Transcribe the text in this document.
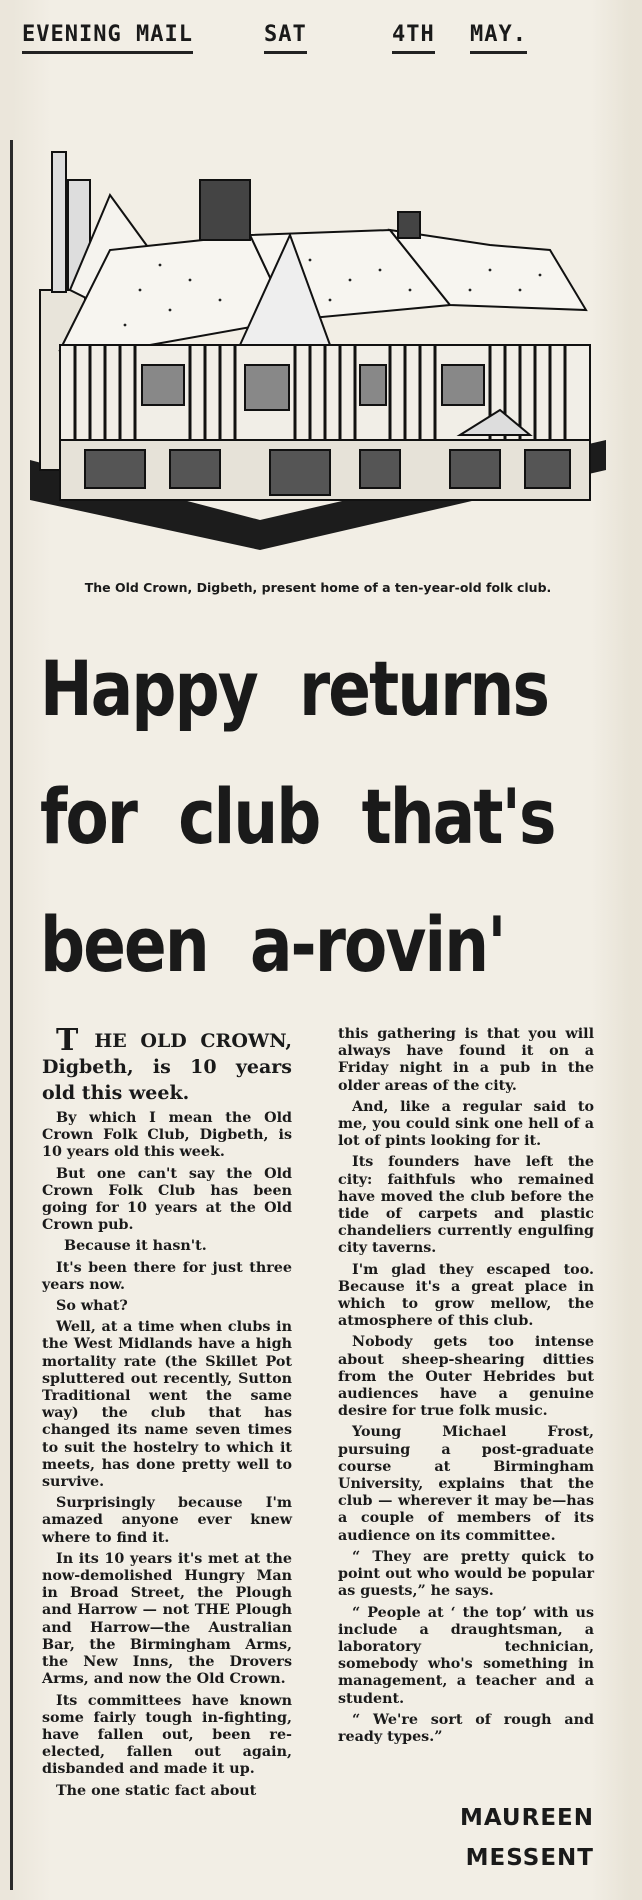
EVENING MAIL	SAT	4TH MAY.
The Old Crown, Digbeth, present home of a ten-year-old folk club.
Happy returns
for club that's
been a-rovin'

THE OLD CROWN, Digbeth, is 10 years old this week.

By which I mean the Old Crown Folk Club, Digbeth, is 10 years old this week.

But one can't say the Old Crown Folk Club has been going for 10 years at the Old Crown pub.

Because it hasn't.

It's been there for just three years now.

So what?

Well, at a time when clubs in the West Midlands have a high mortality rate (the Skillet Pot spluttered out recently, Sutton Traditional went the same way) the club that has changed its name seven times to suit the hostelry to which it meets, has done pretty well to survive.

Surprisingly because I'm amazed anyone ever knew where to find it.

In its 10 years it's met at the now-demolished Hungry Man in Broad Street, the Plough and Harrow — not THE Plough and Harrow—the Australian Bar, the Birmingham Arms, the New Inns, the Drovers Arms, and now the Old Crown.

Its committees have known some fairly tough in-fighting, have fallen out, been re-elected, fallen out again, disbanded and made it up.

The one static fact about

this gathering is that you will always have found it on a Friday night in a pub in the older areas of the city.

And, like a regular said to me, you could sink one hell of a lot of pints looking for it.

Its founders have left the city: faithfuls who remained have moved the club before the tide of carpets and plastic chandeliers currently engulfing city taverns.

I'm glad they escaped too. Because it's a great place in which to grow mellow, the atmosphere of this club.

Nobody gets too intense about sheep-shearing ditties from the Outer Hebrides but audiences have a genuine desire for true folk music.

Young Michael Frost, pursuing a post-graduate course at Birmingham University, explains that the club — wherever it may be—has a couple of members of its audience on its committee.

“ They are pretty quick to point out who would be popular as guests,” he says.

“ People at ‘ the top’ with us include a draughtsman, a laboratory technician, somebody who's something in management, a teacher and a student.

“ We're sort of rough and ready types.”

MAUREEN
MESSENT
